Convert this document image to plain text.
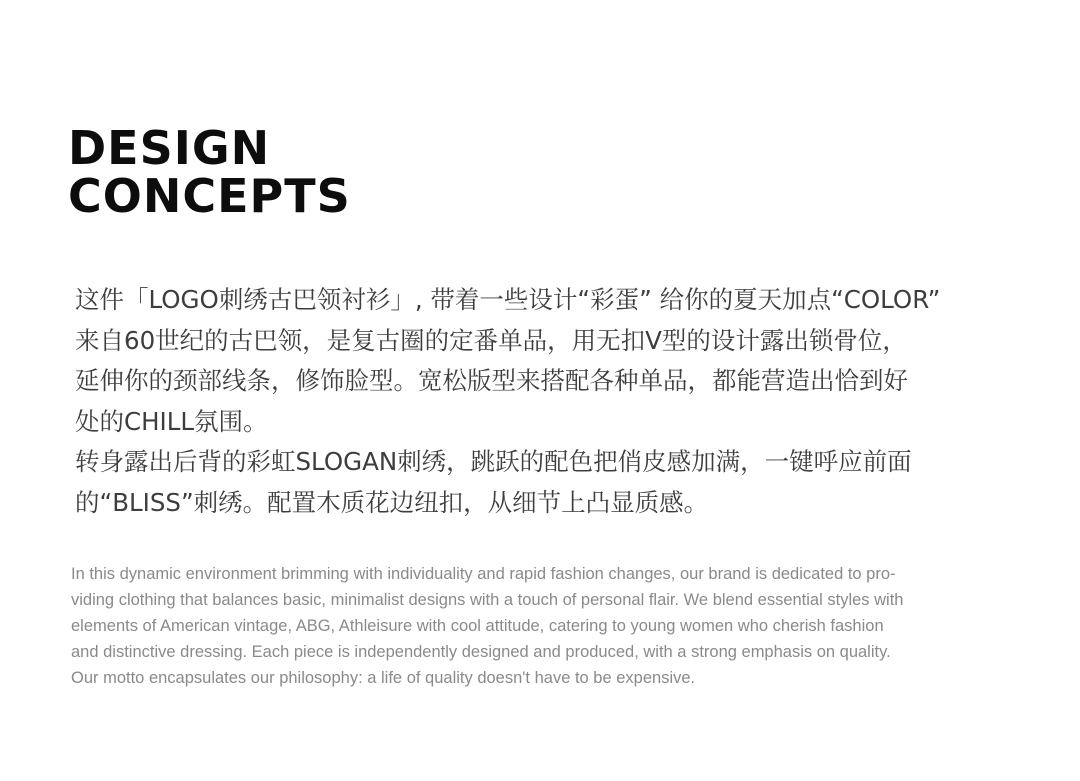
DESIGN
CONCEPTS

这件「LOGO刺绣古巴领衬衫」, 带着一些设计“彩蛋” 给你的夏天加点“COLOR”

来自60世纪的古巴领，是复古圈的定番单品，用无扣V型的设计露出锁骨位，

延伸你的颈部线条，修饰脸型。宽松版型来搭配各种单品，都能营造出恰到好

处的CHILL氛围。

转身露出后背的彩虹SLOGAN刺绣，跳跃的配色把俏皮感加满，一键呼应前面

的“BLISS”刺绣。配置木质花边纽扣，从细节上凸显质感。

In this dynamic environment brimming with individuality and rapid fashion changes, our brand is dedicated to pro-

viding clothing that balances basic, minimalist designs with a touch of personal flair. We blend essential styles with

elements of American vintage, ABG, Athleisure with cool attitude, catering to young women who cherish fashion

and distinctive dressing. Each piece is independently designed and produced, with a strong emphasis on quality.

Our motto encapsulates our philosophy: a life of quality doesn't have to be expensive.
